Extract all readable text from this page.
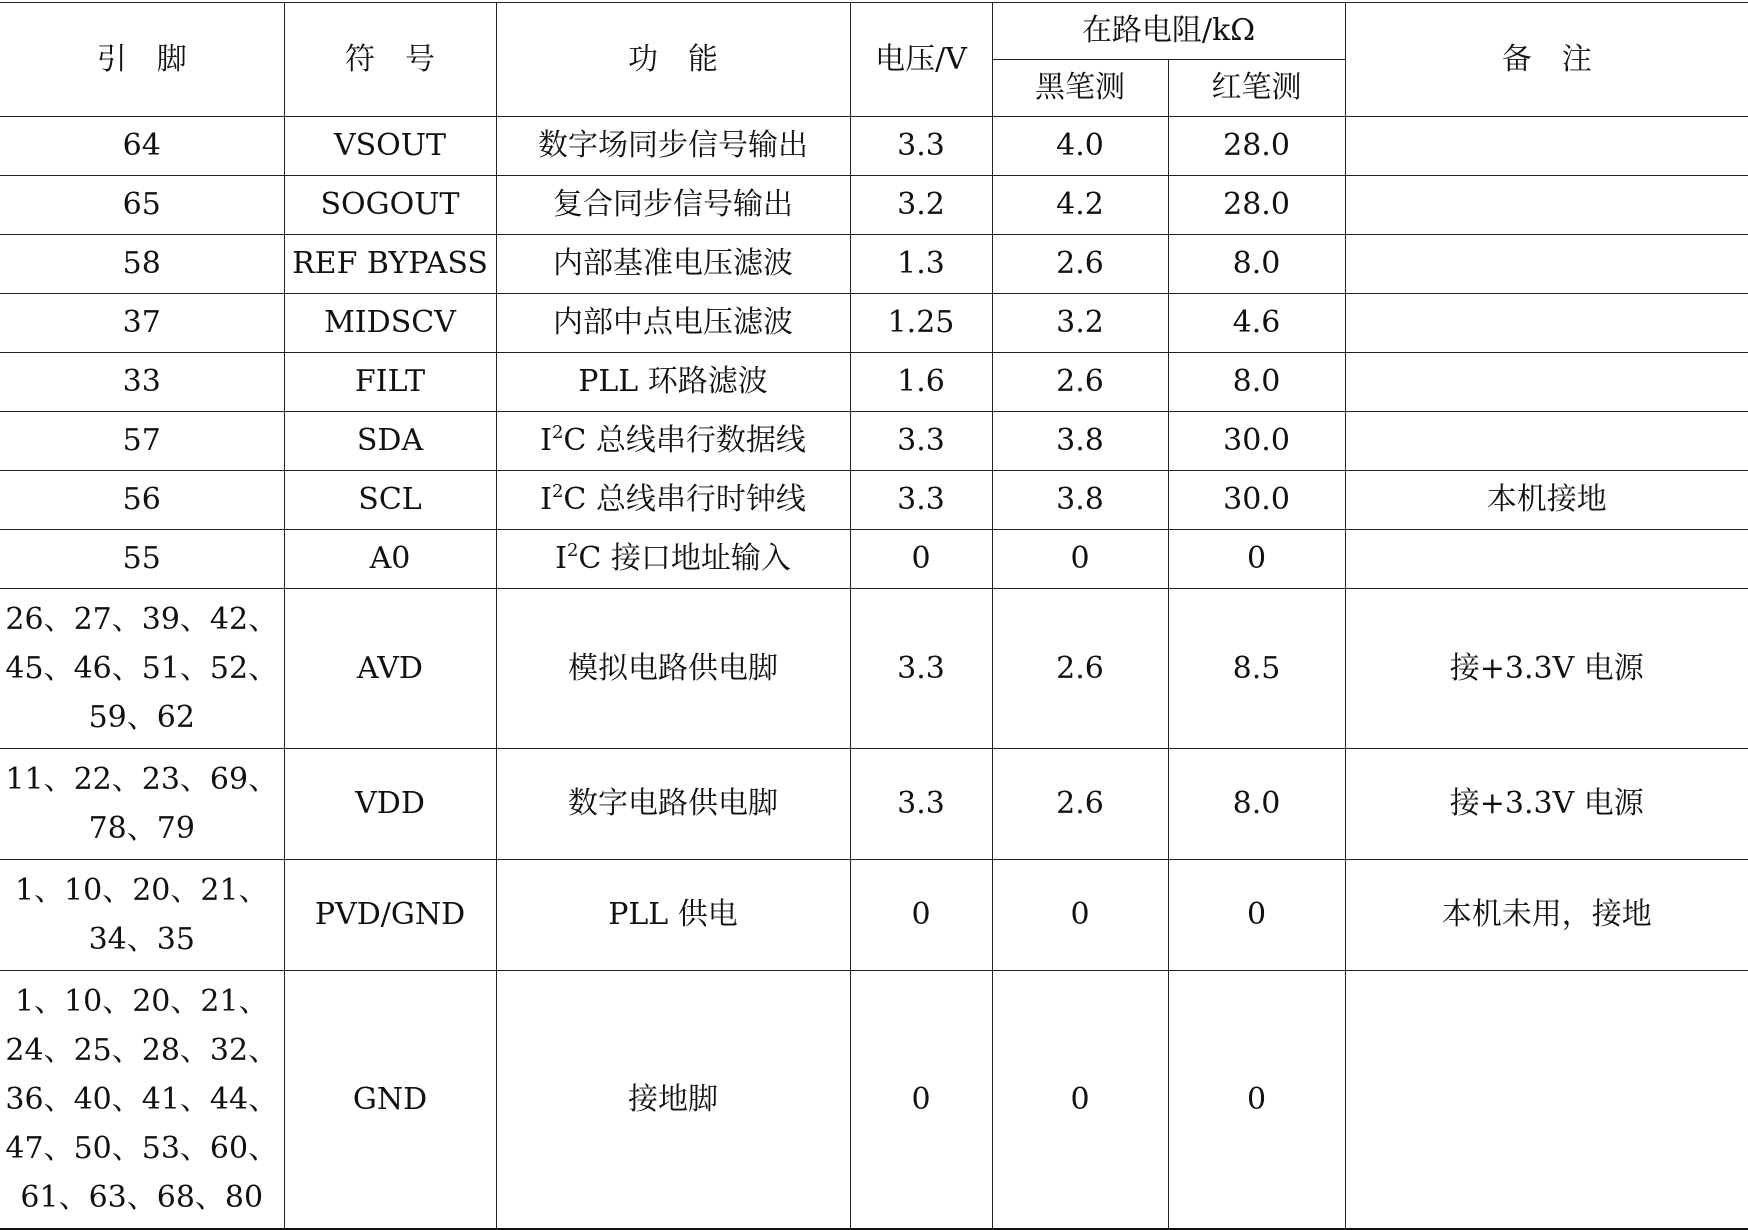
引　脚	符　号	功　能	电压/V	在路电阻/kΩ		备　注
				黑笔测	红笔测	
64	VSOUT	数字场同步信号输出	3.3	4.0	28.0	
65	SOGOUT	复合同步信号输出	3.2	4.2	28.0	
58	REF BYPASS	内部基准电压滤波	1.3	2.6	8.0	
37	MIDSCV	内部中点电压滤波	1.25	3.2	4.6	
33	FILT	PLL 环路滤波	1.6	2.6	8.0	
57	SDA	$I^2C$ 总线串行数据线	3.3	3.8	30.0	
56	SCL	$I^2C$ 总线串行时钟线	3.3	3.8	30.0	本机接地
55	A0	$I^2C$ 接口地址输入	0	0	0	
26、27、39、42、45、46、51、52、59、62	AVD	模拟电路供电脚	3.3	2.6	8.5	接+3.3V 电源
11、22、23、69、78、79	VDD	数字电路供电脚	3.3	2.6	8.0	接+3.3V 电源
1、10、20、21、34、35	PVD/GND	PLL 供电	0	0	0	本机未用，接地
1、10、20、21、24、25、28、32、36、40、41、44、47、50、53、60、61、63、68、80	GND	接地脚	0	0	0	
